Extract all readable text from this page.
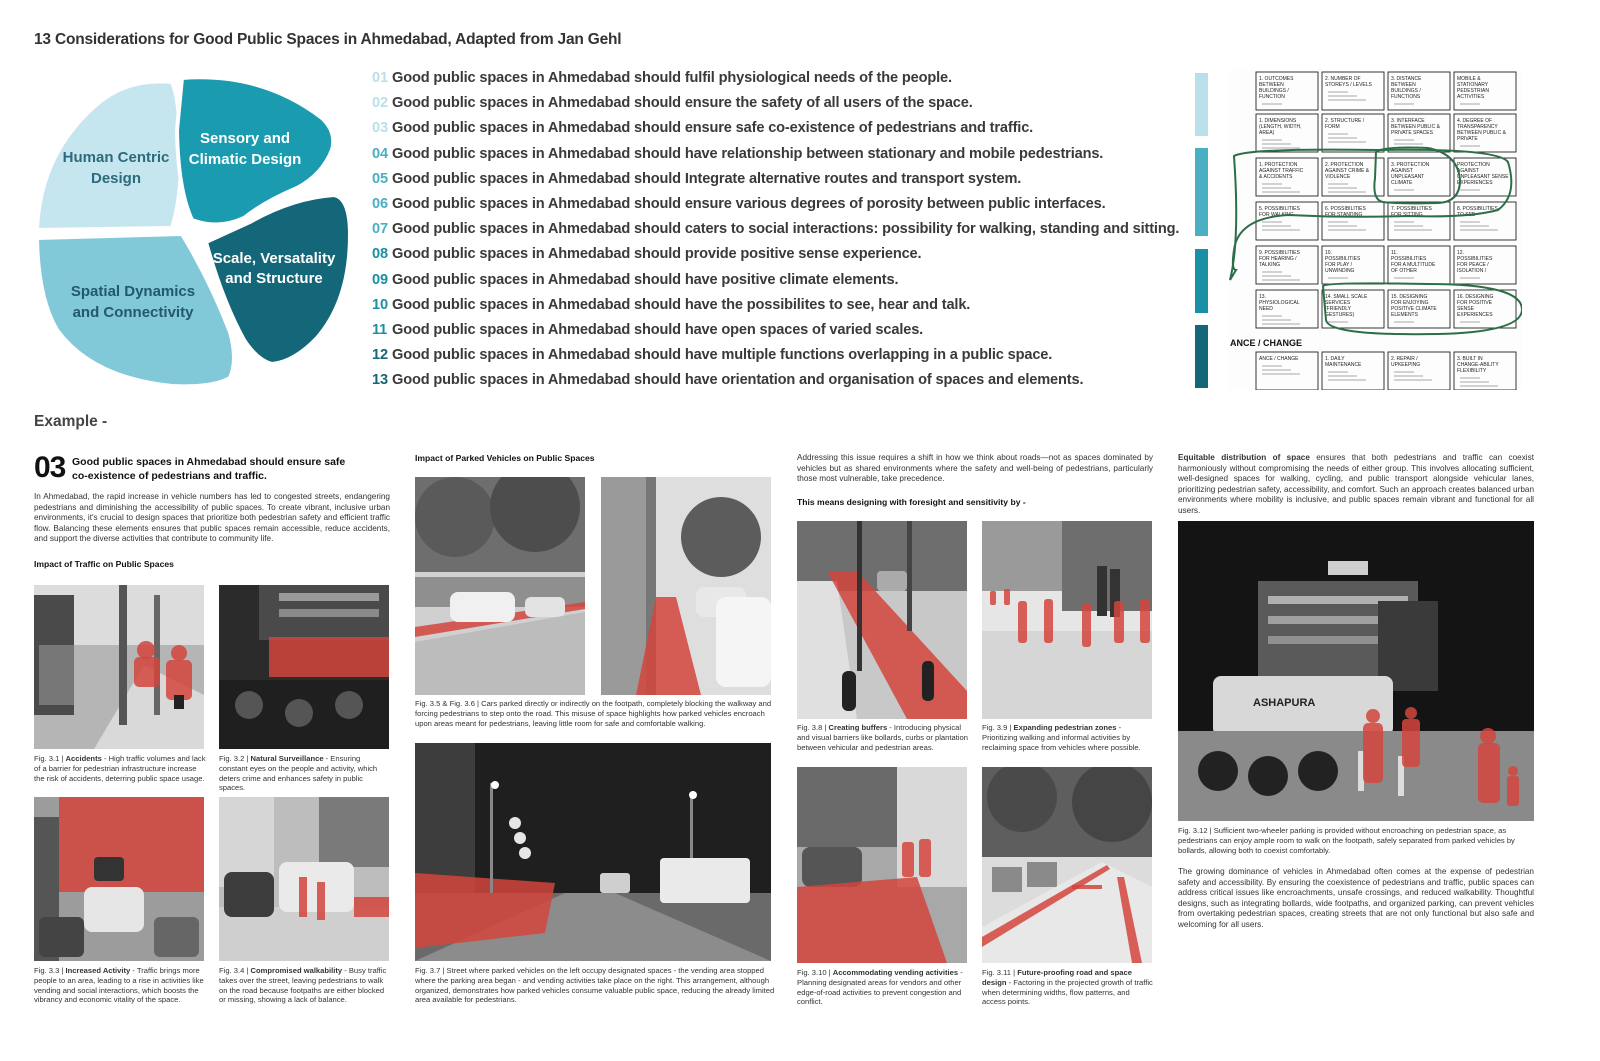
13 Considerations for Good Public Spaces in Ahmedabad, Adapted from Jan Gehl
Human Centric
Design
Sensory and
Climatic Design
Scale, Versatality
and Structure
Spatial Dynamics
and Connectivity
01 Good public spaces in Ahmedabad should fulfil physiological needs of the people.
02 Good public spaces in Ahmedabad should ensure the safety of all users of the space.
03 Good public spaces in Ahmedabad should ensure safe co-existence of pedestrians and traffic.
04 Good public spaces in Ahmedabad should have relationship between stationary and mobile pedestrians.
05 Good public spaces in Ahmedabad should Integrate alternative routes and transport system.
06 Good public spaces in Ahmedabad should ensure various degrees of porosity between public interfaces.
07 Good public spaces in Ahmedabad should caters to social interactions: possibility for walking, standing and sitting.
08 Good public spaces in Ahmedabad should provide positive sense experience.
09 Good public spaces in Ahmedabad should have positive climate elements.
10 Good public spaces in Ahmedabad should have the possibilites to see, hear and talk.
11 Good public spaces in Ahmedabad should have open spaces of varied scales.
12 Good public spaces in Ahmedabad should have multiple functions overlapping in a public space.
13 Good public spaces in Ahmedabad should have orientation and organisation of spaces and elements.
1. OUTCOMES BETWEEN BUILDINGS / FUNCTION
2. NUMBER OF STOREYS / LEVELS
3. DISTANCE BETWEEN BUILDINGS / FUNCTIONS
MOBILE & STATIONARY PEDESTRIAN ACTIVITIES
1. DIMENSIONS (LENGTH, WIDTH, AREA)
2. STRUCTURE / FORM
3. INTERFACE BETWEEN PUBLIC & PRIVATE SPACES
4. DEGREE OF TRANSPARENCY BETWEEN PUBLIC & PRIVATE
1. PROTECTION AGAINST TRAFFIC & ACCIDENTS
2. PROTECTION AGAINST CRIME & VIOLENCE
3. PROTECTION AGAINST UNPLEASANT CLIMATE
PROTECTION AGAINST UNPLEASANT SENSE EXPERIENCES
5. POSSIBILITIES FOR WALKING
6. POSSIBILITIES FOR STANDING
7. POSSIBILITIES FOR SITTING
8. POSSIBILITIES TO SEE
9. POSSIBILITIES FOR HEARING / TALKING
10. POSSIBILITIES FOR PLAY / UNWINDING
11. POSSIBILITIES FOR A MULTITUDE OF OTHER
12. POSSIBILITIES FOR PEACE / ISOLATION /
13. PHYSIOLOGICAL NEED
14. SMALL SCALE SERVICES (FRIENDLY GESTURES)
15. DESIGNING FOR ENJOYING POSITIVE CLIMATE ELEMENTS
16. DESIGNING FOR POSITIVE SENSE EXPERIENCES
ANCE / CHANGE
ANCE / CHANGE	1. DAILY MAINTENANCE
2. REPAIR / UPKEEPING
3. BUILT IN CHANGE-ABILITY FLEXIBILITY
Example -
03 Good public spaces in Ahmedabad should ensure safe co-existence of pedestrians and traffic.
In Ahmedabad, the rapid increase in vehicle numbers has led to congested streets, endangering pedestrians and diminishing the accessibility of public spaces. To create vibrant, inclusive urban environments, it's crucial to design spaces that prioritize both pedestrian safety and efficient traffic flow. Balancing these elements ensures that public spaces remain accessible, reduce accidents, and support the diverse activities that contribute to community life.
Impact of Traffic on Public Spaces
Fig. 3.1 | Accidents - High traffic volumes and lack of a barrier for pedestrian infrastructure increase the risk of accidents, deterring public space usage.
Fig. 3.2 | Natural Surveillance - Ensuring constant eyes on the people and activity, which deters crime and enhances safety in public spaces.
Fig. 3.3 | Increased Activity - Traffic brings more people to an area, leading to a rise in activities like vending and social interactions, which boosts the vibrancy and economic vitality of the space.
Fig. 3.4 | Compromised walkability - Busy traffic takes over the street, leaving pedestrians to walk on the road because footpaths are either blocked or missing, showing a lack of balance.
Impact of Parked Vehicles on Public Spaces
Fig. 3.5 & Fig. 3.6 | Cars parked directly or indirectly on the footpath, completely blocking the walkway and forcing pedestrians to step onto the road. This misuse of space highlights how parked vehicles encroach upon areas meant for pedestrians, leaving little room for safe and comfortable walking.
Fig. 3.7 | Street where parked vehicles on the left occupy designated spaces - the vending area stopped where the parking area began - and vending activities take place on the right. This arrangement, although organized, demonstrates how parked vehicles consume valuable public space, reducing the already limited area available for pedestrians.
Addressing this issue requires a shift in how we think about roads—not as spaces dominated by vehicles but as shared environments where the safety and well-being of pedestrians, particularly those most vulnerable, take precedence.
This means designing with foresight and sensitivity by -
Fig. 3.8 | Creating buffers - Introducing physical and visual barriers like bollards, curbs or plantation between vehicular and pedestrian areas.
Fig. 3.9 | Expanding pedestrian zones - Prioritizing walking and informal activities by reclaiming space from vehicles where possible.
Fig. 3.10 | Accommodating vending activities - Planning designated areas for vendors and other edge-of-road activities to prevent congestion and conflict.
Fig. 3.11 | Future-proofing road and space design - Factoring in the projected growth of traffic when determining widths, flow patterns, and access points.
Equitable distribution of space ensures that both pedestrians and traffic can coexist harmoniously without compromising the needs of either group. This involves allocating sufficient, well-designed spaces for walking, cycling, and public transport alongside vehicular lanes, prioritizing pedestrian safety, accessibility, and comfort. Such an approach creates balanced urban environments where mobility is inclusive, and public spaces remain vibrant and functional for all users.
ASHAPURA
Fig. 3.12 | Sufficient two-wheeler parking is provided without encroaching on pedestrian space, as pedestrians can enjoy ample room to walk on the footpath, safely separated from parked vehicles by bollards, allowing both to coexist comfortably.
The growing dominance of vehicles in Ahmedabad often comes at the expense of pedestrian safety and accessibility. By ensuring the coexistence of pedestrians and traffic, public spaces can address critical issues like encroachments, unsafe crossings, and reduced walkability. Thoughtful designs, such as integrating bollards, wide footpaths, and organized parking, can prevent vehicles from overtaking pedestrian spaces, creating streets that are not only functional but also safe and welcoming for all users.
